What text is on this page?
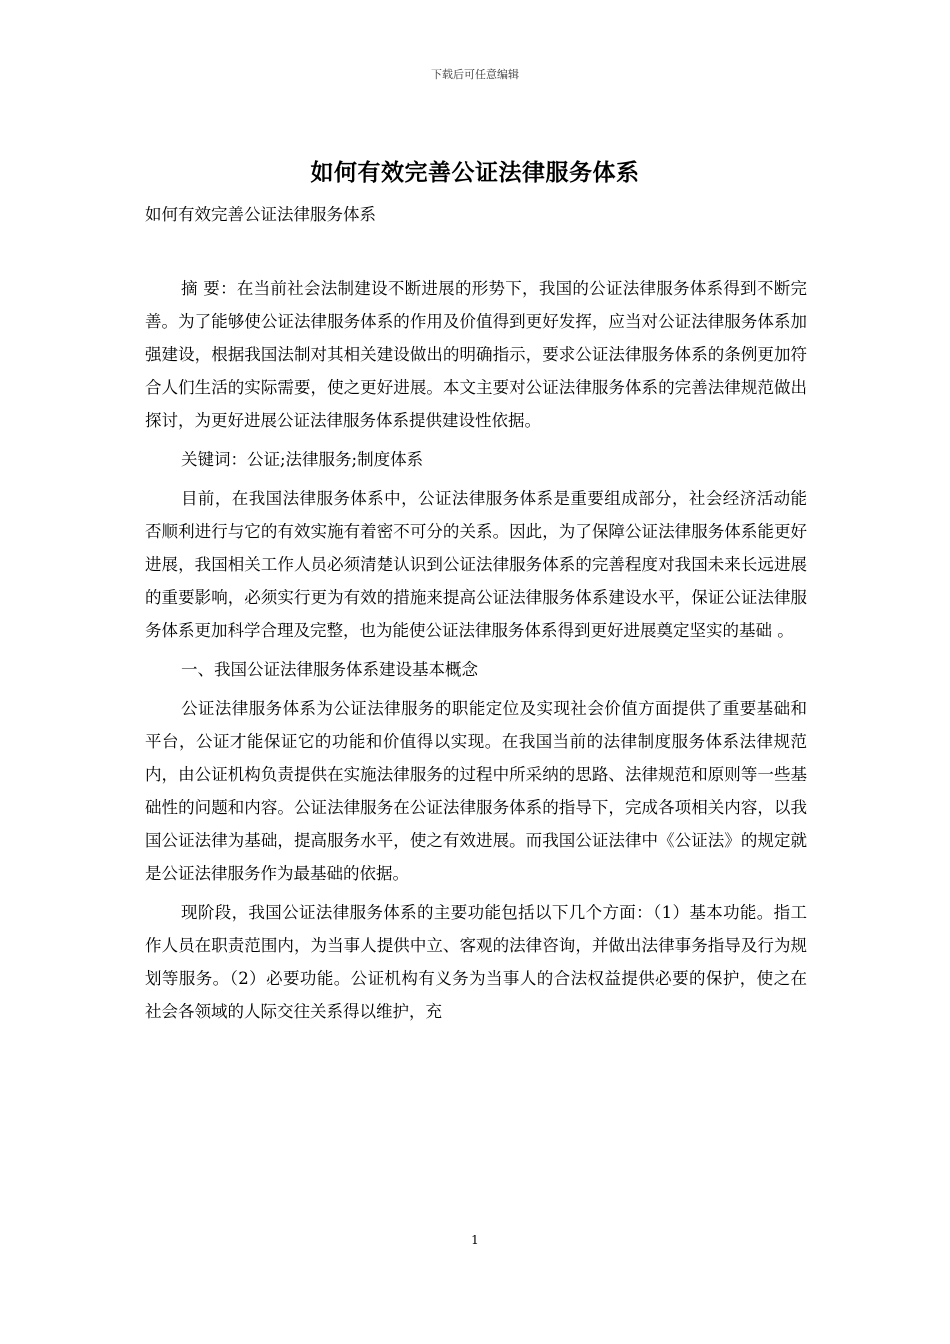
下载后可任意编辑
如何有效完善公证法律服务体系
如何有效完善公证法律服务体系

摘 要：在当前社会法制建设不断进展的形势下，我国的公证法律服务体系得到不断完善。为了能够使公证法律服务体系的作用及价值得到更好发挥，应当对公证法律服务体系加强建设，根据我国法制对其相关建设做出的明确指示，要求公证法律服务体系的条例更加符合人们生活的实际需要，使之更好进展。本文主要对公证法律服务体系的完善法律规范做出探讨，为更好进展公证法律服务体系提供建设性依据。

关键词：公证;法律服务;制度体系

目前，在我国法律服务体系中，公证法律服务体系是重要组成部分，社会经济活动能否顺利进行与它的有效实施有着密不可分的关系。因此，为了保障公证法律服务体系能更好进展，我国相关工作人员必须清楚认识到公证法律服务体系的完善程度对我国未来长远进展的重要影响，必须实行更为有效的措施来提高公证法律服务体系建设水平，保证公证法律服务体系更加科学合理及完整，也为能使公证法律服务体系得到更好进展奠定坚实的基础 。

一、我国公证法律服务体系建设基本概念

公证法律服务体系为公证法律服务的职能定位及实现社会价值方面提供了重要基础和平台，公证才能保证它的功能和价值得以实现。在我国当前的法律制度服务体系法律规范内，由公证机构负责提供在实施法律服务的过程中所采纳的思路、法律规范和原则等一些基础性的问题和内容。公证法律服务在公证法律服务体系的指导下，完成各项相关内容，以我国公证法律为基础，提高服务水平，使之有效进展。而我国公证法律中《公证法》的规定就是公证法律服务作为最基础的依据。

现阶段，我国公证法律服务体系的主要功能包括以下几个方面：（1）基本功能。指工作人员在职责范围内，为当事人提供中立、客观的法律咨询，并做出法律事务指导及行为规划等服务。（2）必要功能。公证机构有义务为当事人的合法权益提供必要的保护，使之在社会各领域的人际交往关系得以维护，充

1
